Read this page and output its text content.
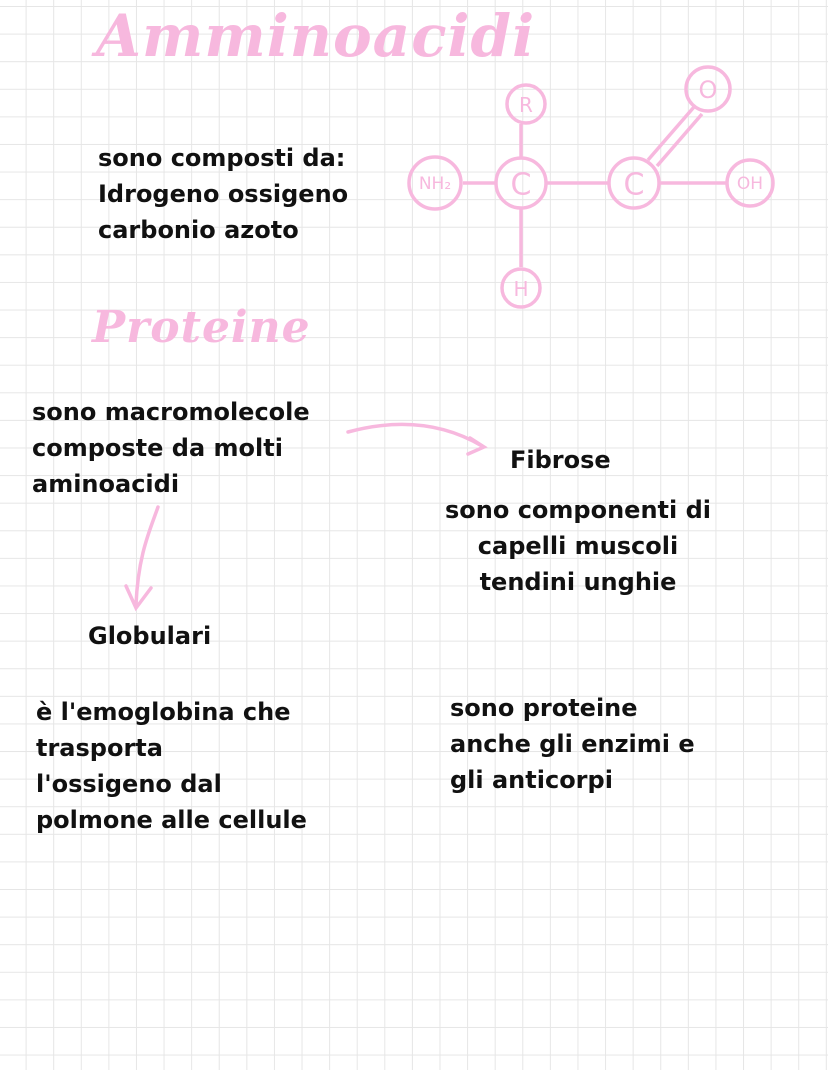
Amminoacidi
sono composti da:
Idrogeno ossigeno
carbonio azoto
NH₂ C	C	OH
R
H
O
Proteine
sono macromolecole
composte da molti
aminoacidi
Fibrose
sono componenti di
capelli muscoli
tendini unghie
Globulari
è l'emoglobina che
trasporta
l'ossigeno dal
polmone alle cellule
sono proteine
anche gli enzimi e
gli anticorpi
